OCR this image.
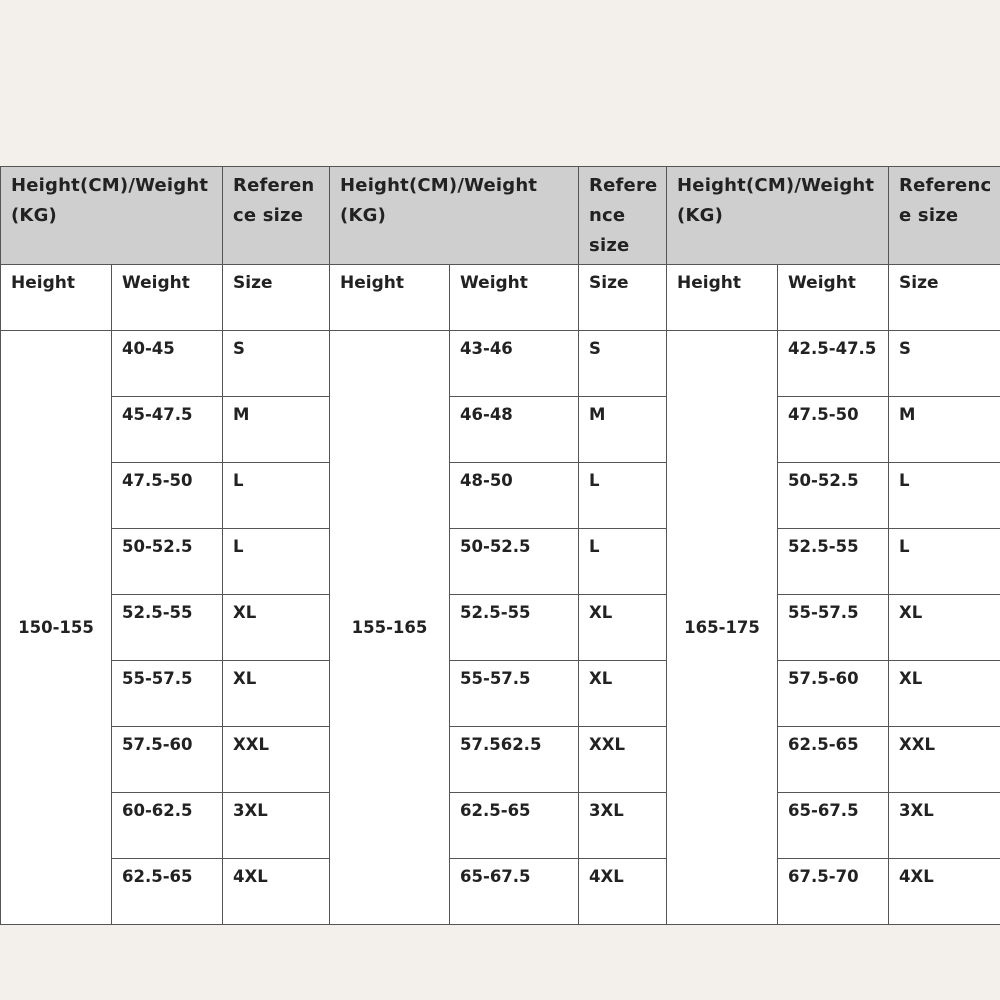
Height(CM)/Weight (KG)		Referen ce size	Height(CM)/Weight (KG)		Refere nce size	Height(CM)/Weight (KG)		Referenc e size
Height	Weight	Size	Height	Weight	Size	Height	Weight	Size
150-155	40-45	S	155-165	43-46	S	165-175	42.5-47.5	S
	45-47.5	M		46-48	M		47.5-50	M
	47.5-50	L		48-50	L		50-52.5	L
	50-52.5	L		50-52.5	L		52.5-55	L
	52.5-55	XL		52.5-55	XL		55-57.5	XL
	55-57.5	XL		55-57.5	XL		57.5-60	XL
	57.5-60	XXL		57.562.5	XXL		62.5-65	XXL
	60-62.5	3XL		62.5-65	3XL		65-67.5	3XL
	62.5-65	4XL		65-67.5	4XL		67.5-70	4XL
